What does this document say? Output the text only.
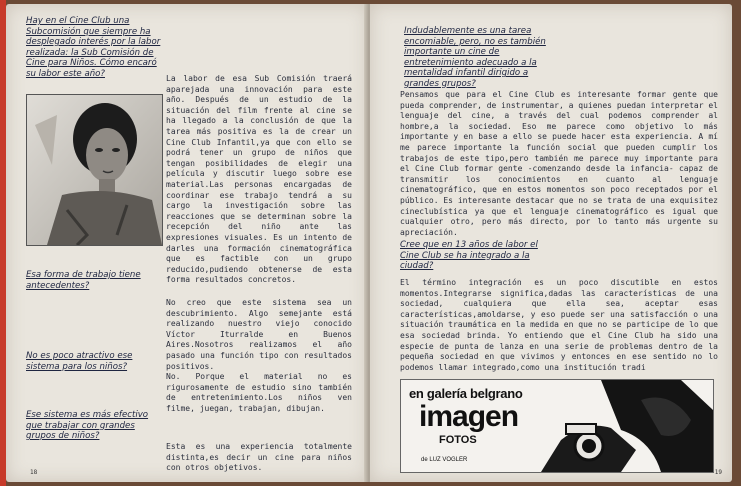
Hay en el Cine Club una Subcomisión que siempre ha desplegado interés por la labor realizada: la Sub Comisión de Cine para Niños. Cómo encaró su labor este año?	La labor de esa Sub Comisión traerá aparejada una innovación para este año. Después de un estudio de la situación del film frente al cine se ha llegado a la conclusión de que la tarea más positiva es la de crear un Cine Club Infantil,ya que con ello se podrá tener un grupo de niños que tengan posibilidades de elegir una película y discutir luego sobre ese material.Las personas encargadas de coordinar ese trabajo tendrá a su cargo la investigación sobre las reacciones que se determinan sobre la recepción del niño ante las expresiones visuales. Es un intento de darles una formación cinematográfica que es factible con un grupo reducido,pudiendo obtenerse de esta forma resultados concretos.
Esa forma de trabajo tiene antecedentes?
No creo que este sistema sea un descubrimiento. Algo semejante está realizando nuestro viejo conocido Víctor Iturralde en Buenos Aires.Nosotros realizamos el año pasado una función tipo con resultados positivos.
No es poco atractivo ese sistema para los niños?
No. Porque el material no es rigurosamente de estudio sino también de entretenimiento.Los niños ven filme, juegan, trabajan, dibujan.
Ese sistema es más efectivo que trabajar con grandes grupos de niños?
Esta es una experiencia totalmente distinta,es decir un cine para niños con otros objetivos.
18
Indudablemente es una tarea encomiable, pero, no es también importante un cine de entretenimiento adecuado a la mentalidad infantil dirigido a grandes grupos?
Pensamos que para el Cine Club es interesante formar gente que pueda comprender, de instrumentar, a quienes puedan interpretar el lenguaje del cine, a través del cual podemos comprender al hombre,a la sociedad. Eso me parece como objetivo lo más importante y en base a ello se puede hacer esta experiencia. A mí me parece importante la función social que pueden cumplir los trabajos de este tipo,pero también me parece muy importante para el Cine Club formar gente -comenzando desde la infancia- capaz de transmitir los conocimientos en cuanto al lenguaje cinematográfico, que en estos momentos son poco receptados por el público. Es interesante destacar que no se trata de una exquisitez cineclubística ya que el lenguaje cinematográfico es igual que cualquier otro, pero más directo, por lo tanto más urgente su apreciación.
Cree que en 13 años de labor el Cine Club se ha integrado a la ciudad?
El término integración es un poco discutible en estos momentos.Integrarse significa,dadas las características de una sociedad, cualquiera que ella sea, aceptar esas características,amoldarse, y eso puede ser una satisfacción o una situación traumática en la medida en que no se participe de lo que esa sociedad brinda. Yo entiendo que el Cine Club ha sido una especie de punta de lanza en una serie de problemas dentro de la pequeña sociedad en que vivimos y entonces en ese sentido no lo podemos llamar integrado,como una institución tradi
en galería belgrano
imagen
FOTOS
de LUZ VOGLER
19
